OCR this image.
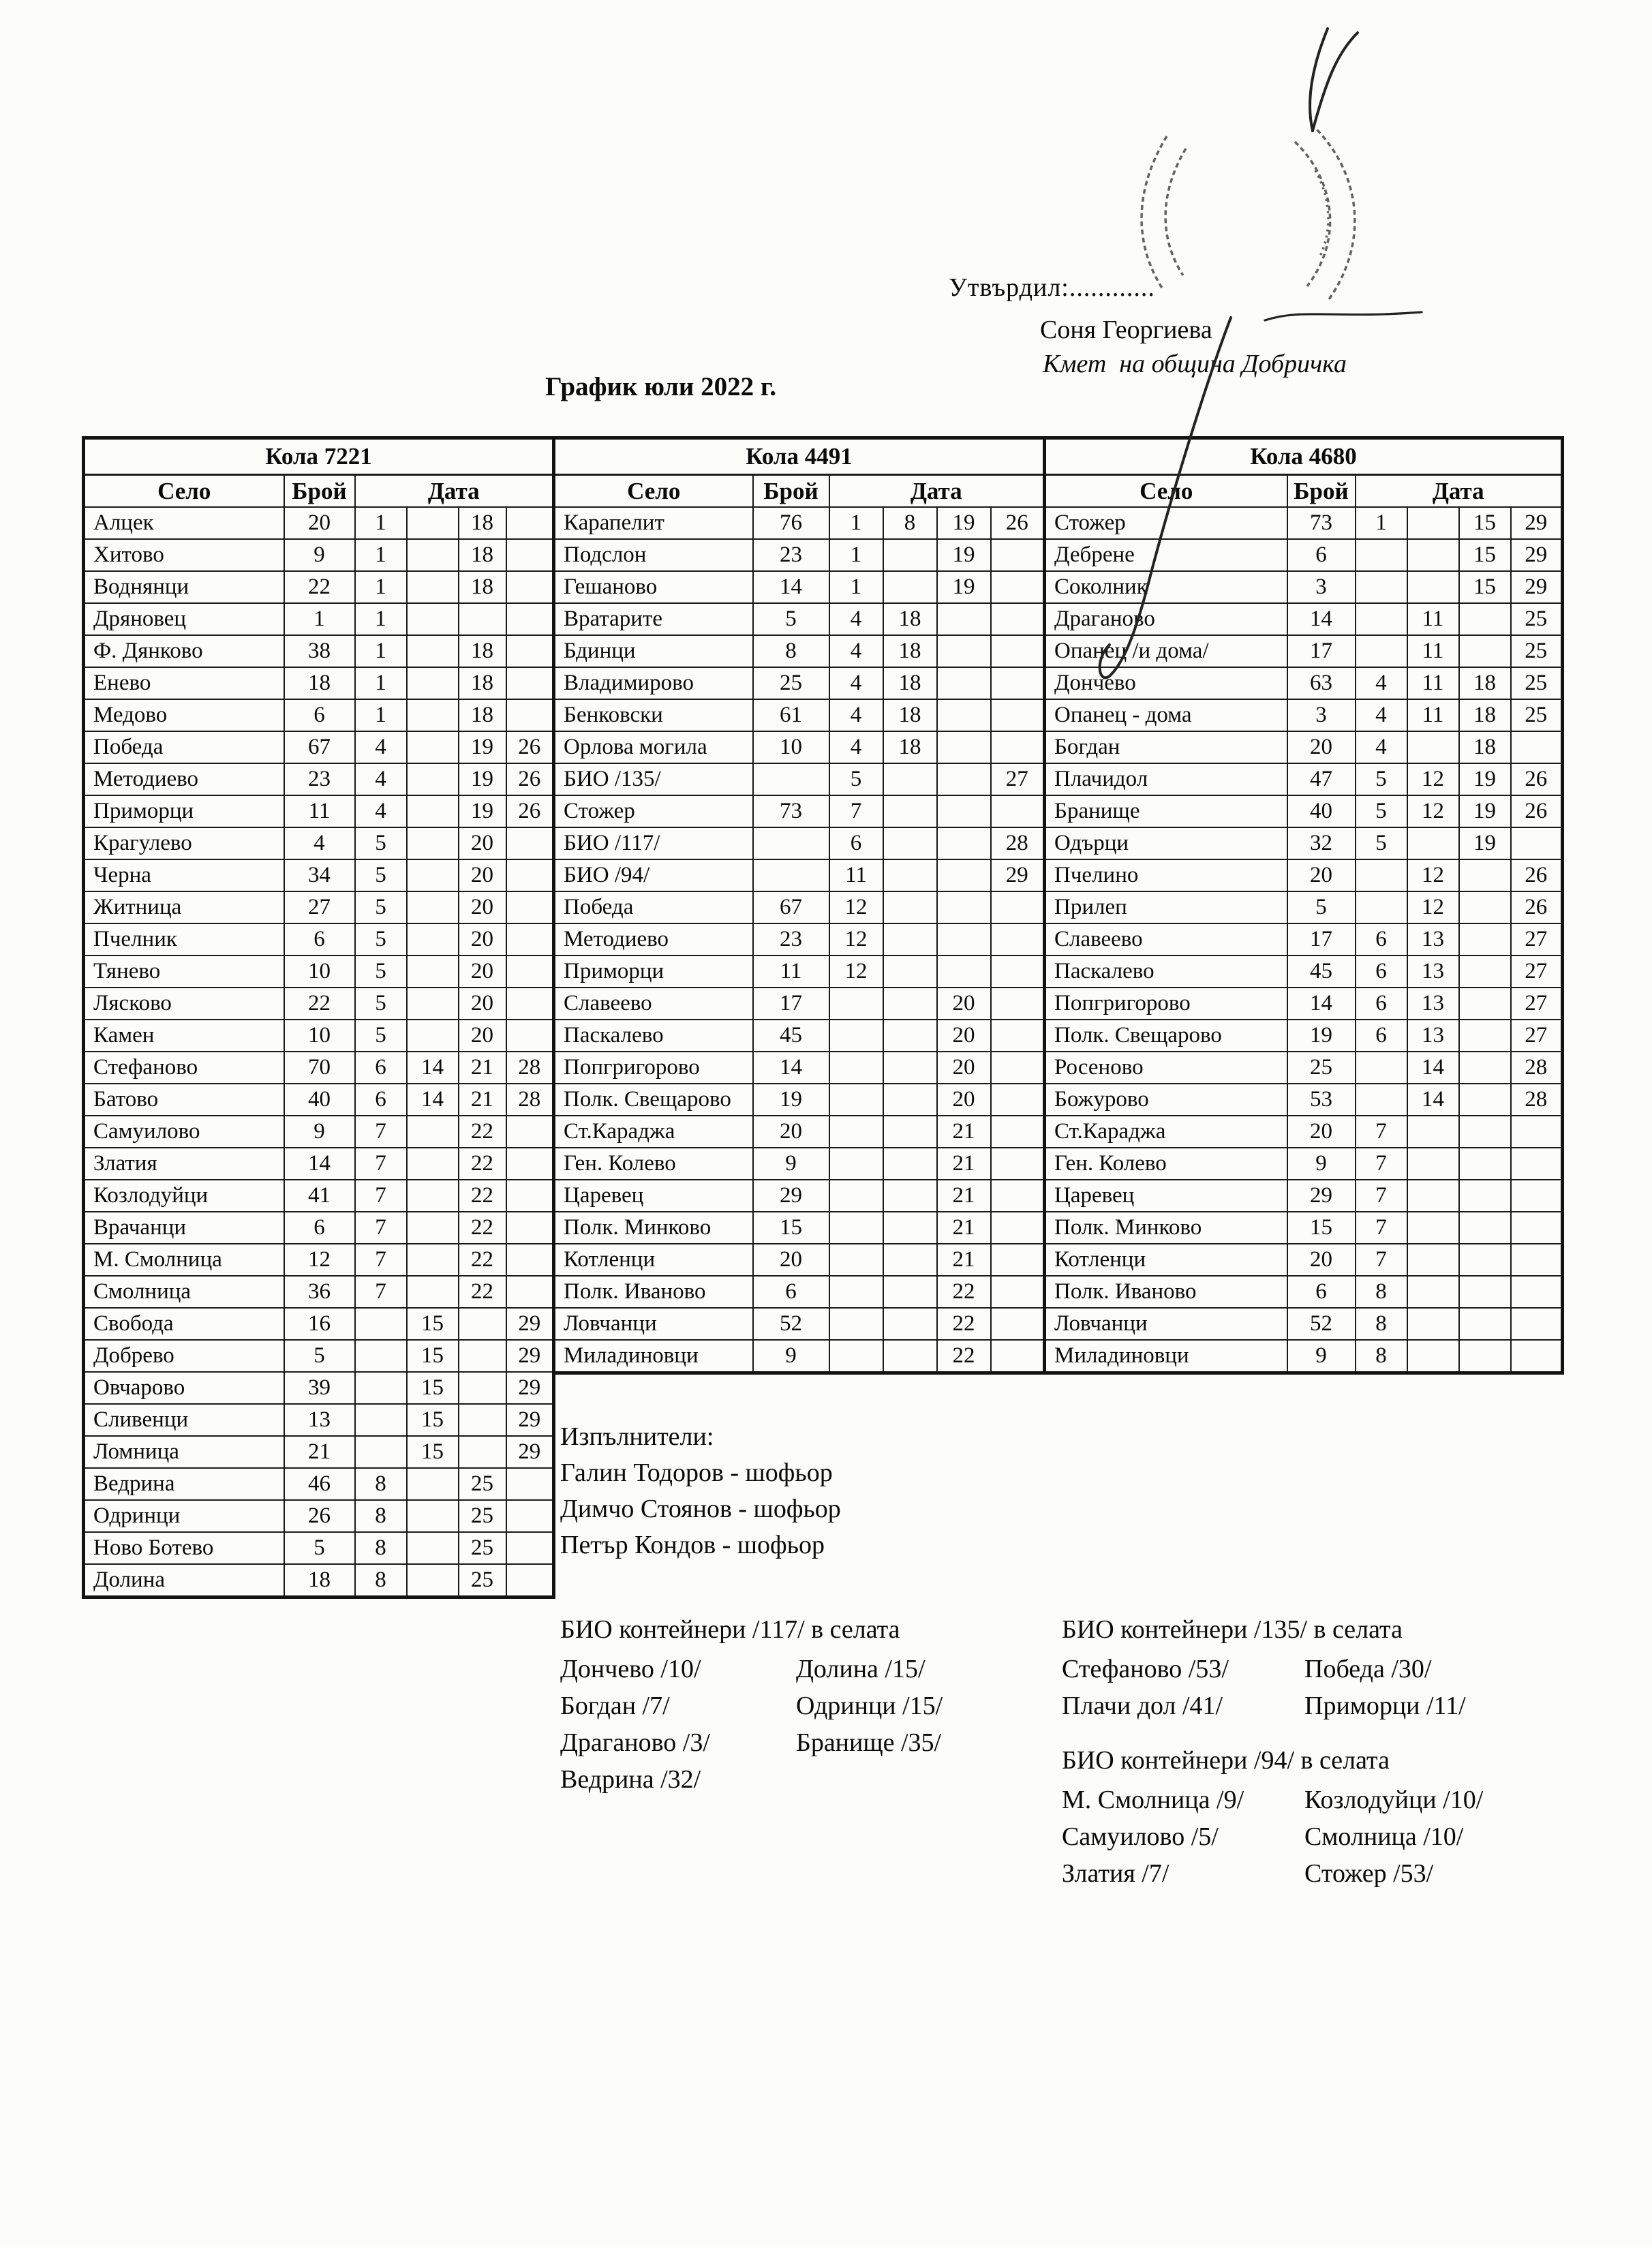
Утвърдил:............
Соня Георгиева
Кмет  на община Добричка
График юли 2022 г.
Кола 7221					
Село	Брой	Дата			
Алцек	20	1		18	
Хитово	9	1		18	
Воднянци	22	1		18	
Дряновец	1	1			
Ф. Дянково	38	1		18	
Енево	18	1		18	
Медово	6	1		18	
Победа	67	4		19	26
Методиево	23	4		19	26
Приморци	11	4		19	26
Крагулево	4	5		20	
Черна	34	5		20	
Житница	27	5		20	
Пчелник	6	5		20	
Тянево	10	5		20	
Лясково	22	5		20	
Камен	10	5		20	
Стефаново	70	6	14	21	28
Батово	40	6	14	21	28
Самуилово	9	7		22	
Златия	14	7		22	
Козлодуйци	41	7		22	
Врачанци	6	7		22	
М. Смолница	12	7		22	
Смолница	36	7		22	
Свобода	16		15		29
Добрево	5		15		29
Овчарово	39		15		29
Сливенци	13		15		29
Ломница	21		15		29
Ведрина	46	8		25	
Одринци	26	8		25	
Ново Ботево	5	8		25	
Долина	18	8		25	
Кола 4491					
Село	Брой	Дата			
Карапелит	76	1	8	19	26
Подслон	23	1		19	
Гешаново	14	1		19	
Вратарите	5	4	18		
Бдинци	8	4	18		
Владимирово	25	4	18		
Бенковски	61	4	18		
Орлова могила	10	4	18		
БИО /135/		5			27
Стожер	73	7			
БИО /117/		6			28
БИО /94/		11			29
Победа	67	12			
Методиево	23	12			
Приморци	11	12			
Славеево	17			20	
Паскалево	45			20	
Попгригорово	14			20	
Полк. Свещарово	19			20	
Ст.Караджа	20			21	
Ген. Колево	9			21	
Царевец	29			21	
Полк. Минково	15			21	
Котленци	20			21	
Полк. Иваново	6			22	
Ловчанци	52			22	
Миладиновци	9			22	
Кола 4680					
Село	Брой	Дата			
Стожер	73	1		15	29
Дебрене	6			15	29
Соколник	3			15	29
Драганово	14		11		25
Опанец /и дома/	17		11		25
Дончево	63	4	11	18	25
Опанец - дома	3	4	11	18	25
Богдан	20	4		18	
Плачидол	47	5	12	19	26
Бранище	40	5	12	19	26
Одърци	32	5		19	
Пчелино	20		12		26
Прилеп	5		12		26
Славеево	17	6	13		27
Паскалево	45	6	13		27
Попгригорово	14	6	13		27
Полк. Свещарово	19	6	13		27
Росеново	25		14		28
Божурово	53		14		28
Ст.Караджа	20	7			
Ген. Колево	9	7			
Царевец	29	7			
Полк. Минково	15	7			
Котленци	20	7			
Полк. Иваново	6	8			
Ловчанци	52	8			
Миладиновци	9	8			
Изпълнители:
Галин Тодоров - шофьор
Димчо Стоянов - шофьор
Петър Кондов - шофьор
БИО контейнери /117/ в селата
Дончево /10/
Богдан /7/
Драганово /3/
Ведрина /32/
Долина /15/
Одринци /15/
Бранище /35/
БИО контейнери /135/ в селата
Стефаново /53/
Плачи дол /41/
Победа /30/
Приморци /11/
БИО контейнери /94/ в селата
М. Смолница /9/
Самуилово /5/
Златия /7/
Козлодуйци /10/
Смолница /10/
Стожер /53/
